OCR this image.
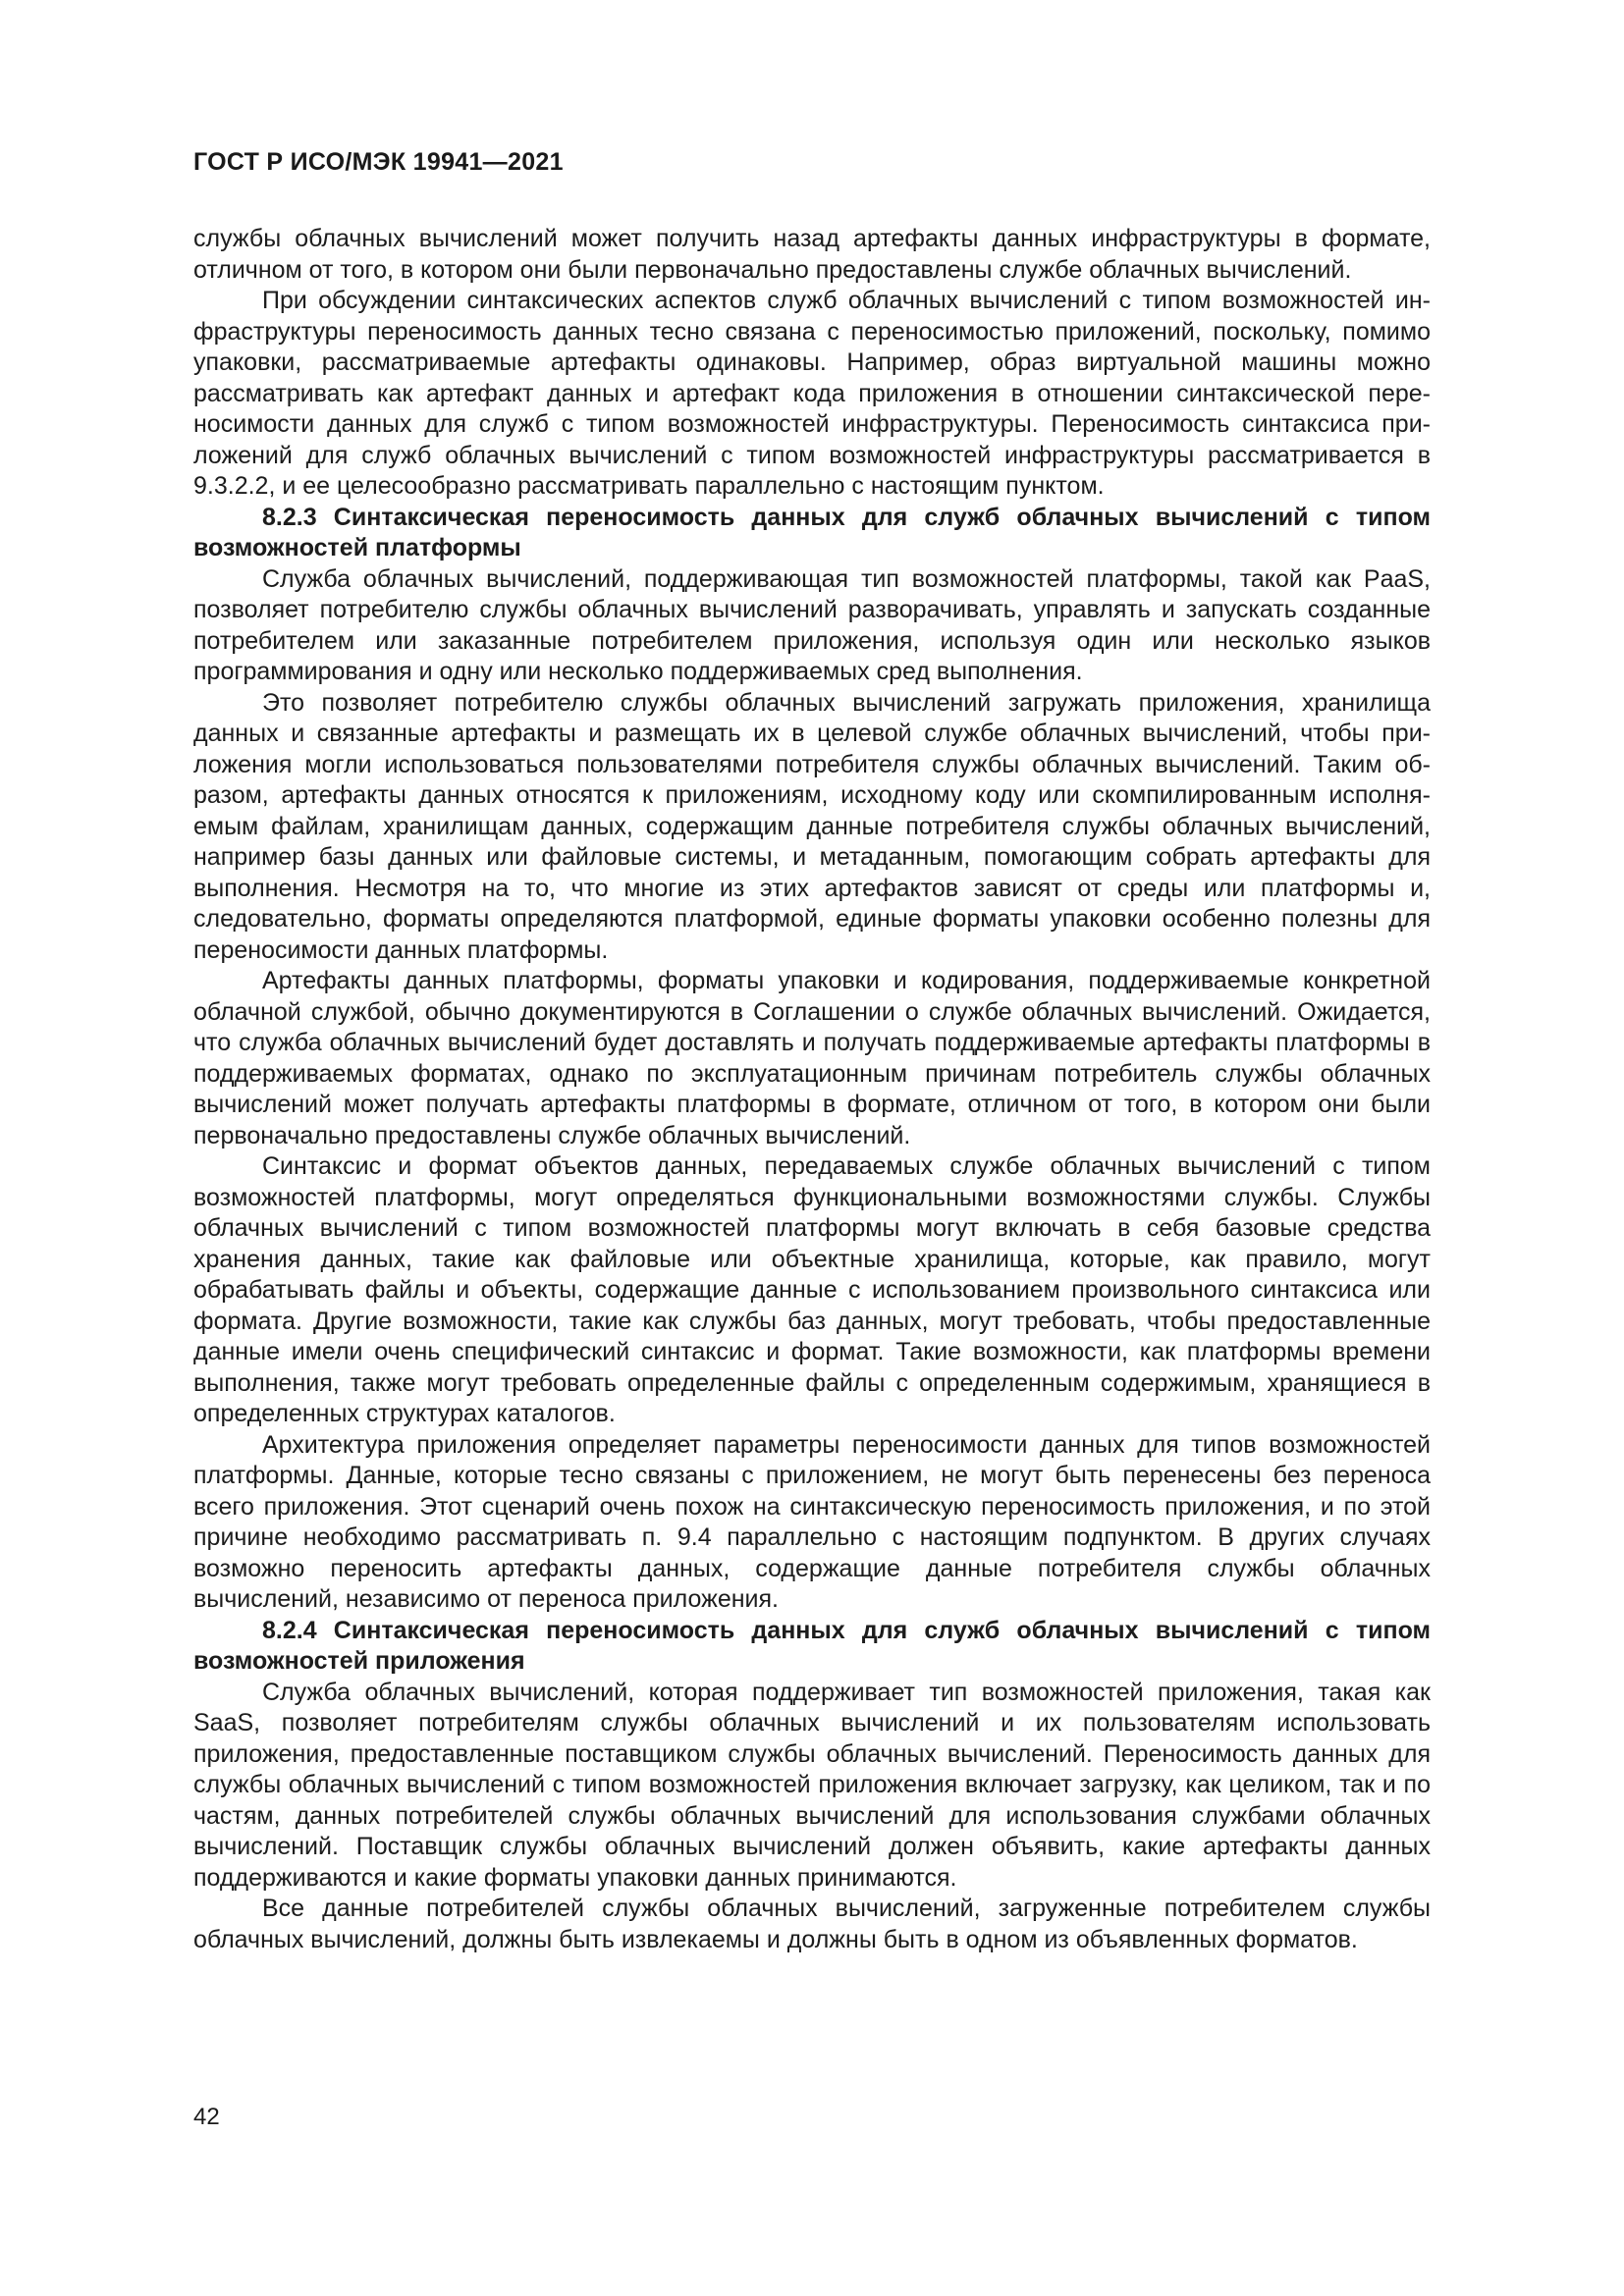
ГОСТ Р ИСО/МЭК 19941—2021

службы облачных вычислений может получить назад артефакты данных инфраструктуры в формате, отличном от того, в котором они были первоначально предоставлены службе облачных вычислений.

При обсуждении синтаксических аспектов служб облачных вычислений с типом возможностей инфраструктуры переносимость данных тесно связана с переносимостью приложений, поскольку, помимо упаковки, рассматриваемые артефакты одинаковы. Например, образ виртуальной машины можно рассматривать как артефакт данных и артефакт кода приложения в отношении синтаксической переносимости данных для служб с типом возможностей инфраструктуры. Переносимость синтаксиса приложений для служб облачных вычислений с типом возможностей инфраструктуры рассматривается в 9.3.2.2, и ее целесообразно рассматривать параллельно с настоящим пунктом.

8.2.3 Синтаксическая переносимость данных для служб облачных вычислений с типом возможностей платформы

Служба облачных вычислений, поддерживающая тип возможностей платформы, такой как PaaS, позволяет потребителю службы облачных вычислений разворачивать, управлять и запускать созданные потребителем или заказанные потребителем приложения, используя один или несколько языков программирования и одну или несколько поддерживаемых сред выполнения.

Это позволяет потребителю службы облачных вычислений загружать приложения, хранилища данных и связанные артефакты и размещать их в целевой службе облачных вычислений, чтобы приложения могли использоваться пользователями потребителя службы облачных вычислений. Таким образом, артефакты данных относятся к приложениям, исходному коду или скомпилированным исполняемым файлам, хранилищам данных, содержащим данные потребителя службы облачных вычислений, например базы данных или файловые системы, и метаданным, помогающим собрать артефакты для выполнения. Несмотря на то, что многие из этих артефактов зависят от среды или платформы и, следовательно, форматы определяются платформой, единые форматы упаковки особенно полезны для переносимости данных платформы.

Артефакты данных платформы, форматы упаковки и кодирования, поддерживаемые конкретной облачной службой, обычно документируются в Соглашении о службе облачных вычислений. Ожидается, что служба облачных вычислений будет доставлять и получать поддерживаемые артефакты платформы в поддерживаемых форматах, однако по эксплуатационным причинам потребитель службы облачных вычислений может получать артефакты платформы в формате, отличном от того, в котором они были первоначально предоставлены службе облачных вычислений.

Синтаксис и формат объектов данных, передаваемых службе облачных вычислений с типом возможностей платформы, могут определяться функциональными возможностями службы. Службы облачных вычислений с типом возможностей платформы могут включать в себя базовые средства хранения данных, такие как файловые или объектные хранилища, которые, как правило, могут обрабатывать файлы и объекты, содержащие данные с использованием произвольного синтаксиса или формата. Другие возможности, такие как службы баз данных, могут требовать, чтобы предоставленные данные имели очень специфический синтаксис и формат. Такие возможности, как платформы времени выполнения, также могут требовать определенные файлы с определенным содержимым, хранящиеся в определенных структурах каталогов.

Архитектура приложения определяет параметры переносимости данных для типов возможностей платформы. Данные, которые тесно связаны с приложением, не могут быть перенесены без переноса всего приложения. Этот сценарий очень похож на синтаксическую переносимость приложения, и по этой причине необходимо рассматривать п. 9.4 параллельно с настоящим подпунктом. В других случаях возможно переносить артефакты данных, содержащие данные потребителя службы облачных вычислений, независимо от переноса приложения.

8.2.4 Синтаксическая переносимость данных для служб облачных вычислений с типом возможностей приложения

Служба облачных вычислений, которая поддерживает тип возможностей приложения, такая как SaaS, позволяет потребителям службы облачных вычислений и их пользователям использовать приложения, предоставленные поставщиком службы облачных вычислений. Переносимость данных для службы облачных вычислений с типом возможностей приложения включает загрузку, как целиком, так и по частям, данных потребителей службы облачных вычислений для использования службами облачных вычислений. Поставщик службы облачных вычислений должен объявить, какие артефакты данных поддерживаются и какие форматы упаковки данных принимаются.

Все данные потребителей службы облачных вычислений, загруженные потребителем службы облачных вычислений, должны быть извлекаемы и должны быть в одном из объявленных форматов.

42
